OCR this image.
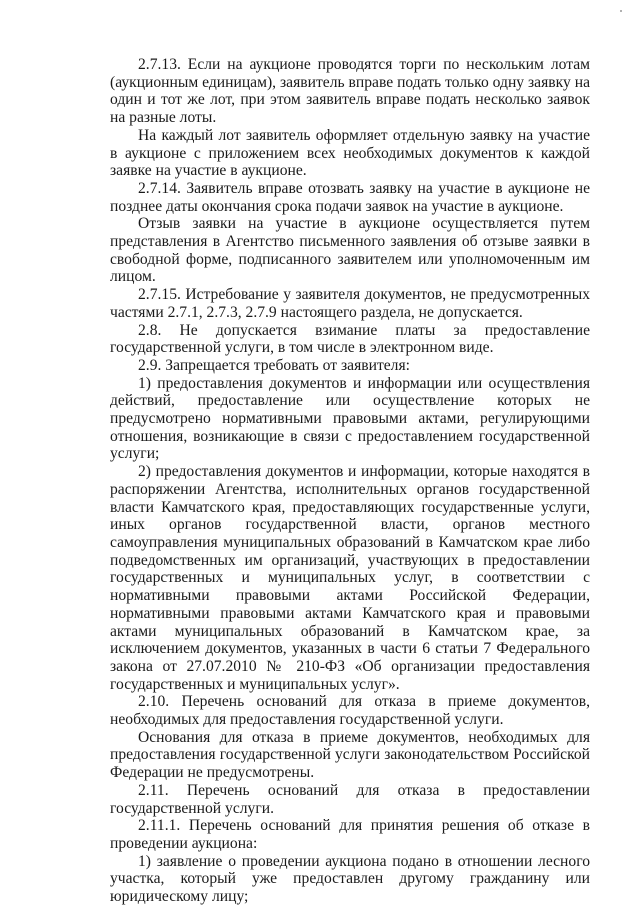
2.7.13. Если на аукционе проводятся торги по нескольким лотам (аукционным единицам), заявитель вправе подать только одну заявку на один и тот же лот, при этом заявитель вправе подать несколько заявок на разные лоты.

На каждый лот заявитель оформляет отдельную заявку на участие в аукционе с приложением всех необходимых документов к каждой заявке на участие в аукционе.

2.7.14. Заявитель вправе отозвать заявку на участие в аукционе не позднее даты окончания срока подачи заявок на участие в аукционе.

Отзыв заявки на участие в аукционе осуществляется путем представления в Агентство письменного заявления об отзыве заявки в свободной форме, подписанного заявителем или уполномоченным им лицом.

2.7.15. Истребование у заявителя документов, не предусмотренных частями 2.7.1, 2.7.3, 2.7.9 настоящего раздела, не допускается.

2.8. Не допускается взимание платы за предоставление государственной услуги, в том числе в электронном виде.

2.9. Запрещается требовать от заявителя:

1) предоставления документов и информации или осуществления действий, предоставление или осуществление которых не предусмотрено нормативными правовыми актами, регулирующими отношения, возникающие в связи с предоставлением государственной услуги;

2) предоставления документов и информации, которые находятся в распоряжении Агентства, исполнительных органов государственной власти Камчатского края, предоставляющих государственные услуги, иных органов государственной власти, органов местного самоуправления муниципальных образований в Камчатском крае либо подведомственных им организаций, участвующих в предоставлении государственных и муниципальных услуг, в соответствии с нормативными правовыми актами Российской Федерации, нормативными правовыми актами Камчатского края и правовыми актами муниципальных образований в Камчатском крае, за исключением документов, указанных в части 6 статьи 7 Федерального закона от 27.07.2010 № 210-ФЗ «Об организации предоставления государственных и муниципальных услуг».

2.10. Перечень оснований для отказа в приеме документов, необходимых для предоставления государственной услуги.

Основания для отказа в приеме документов, необходимых для предоставления государственной услуги законодательством Российской Федерации не предусмотрены.

2.11. Перечень оснований для отказа в предоставлении государственной услуги.

2.11.1. Перечень оснований для принятия решения об отказе в проведении аукциона:

1) заявление о проведении аукциона подано в отношении лесного участка, который уже предоставлен другому гражданину или юридическому лицу;
